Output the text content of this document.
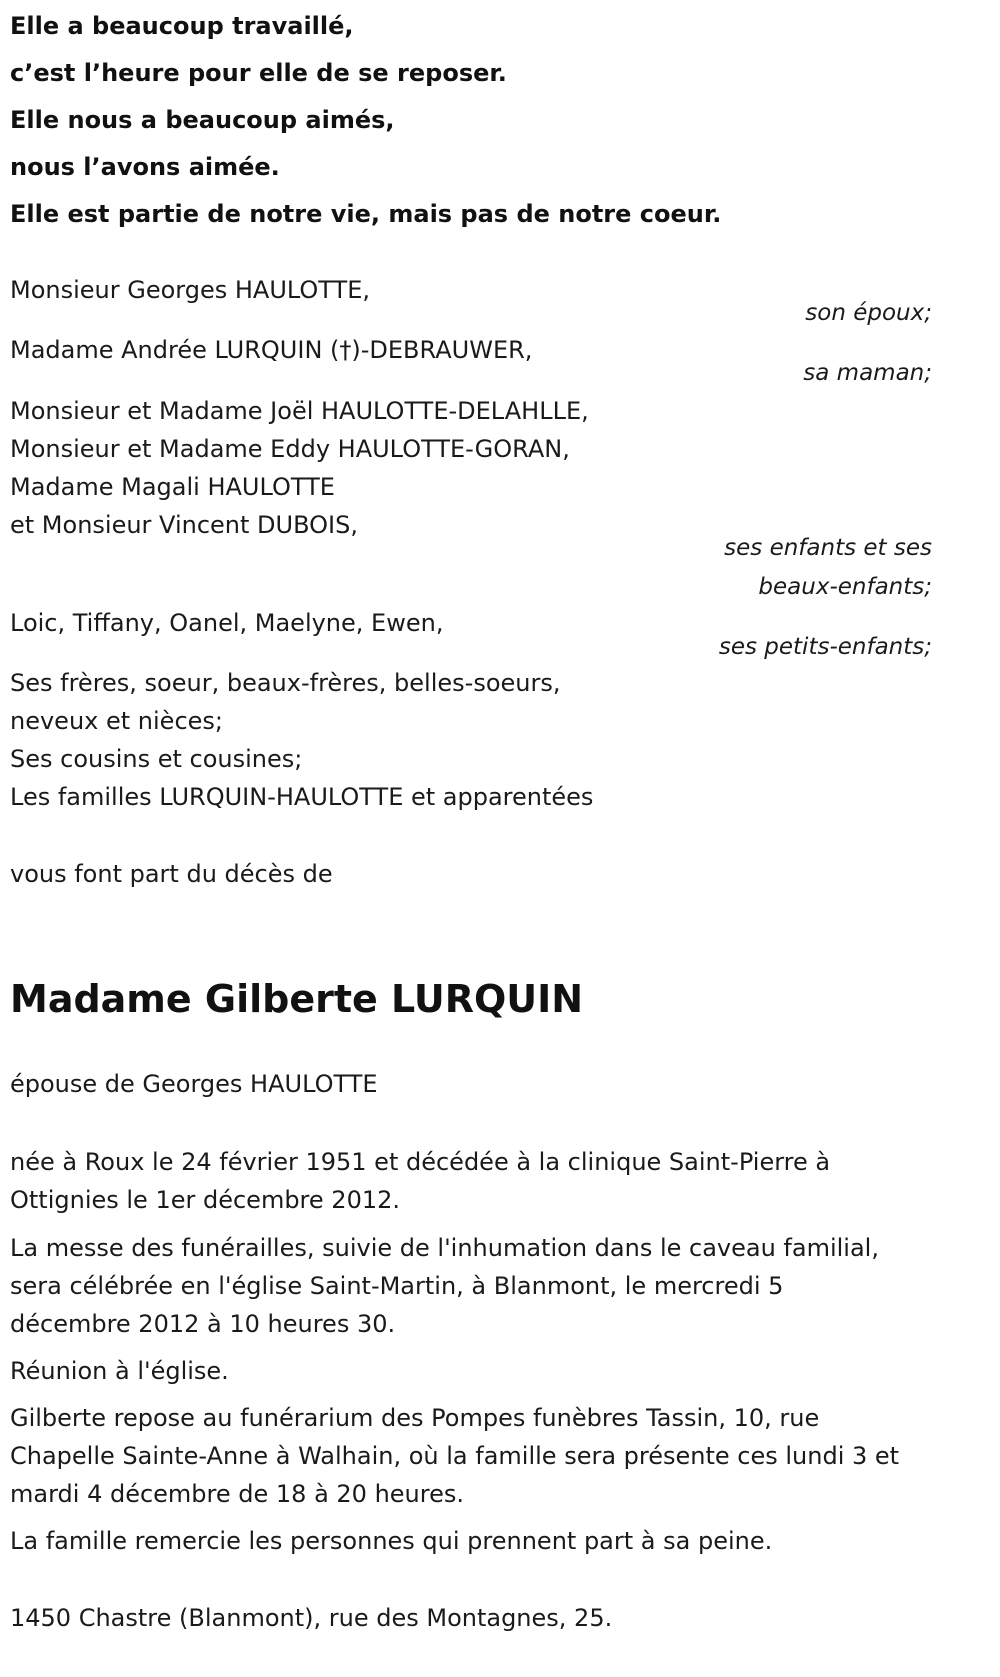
Elle a beaucoup travaillé,
c’est l’heure pour elle de se reposer.
Elle nous a beaucoup aimés,
nous l’avons aimée.
Elle est partie de notre vie, mais pas de notre coeur.
Monsieur Georges HAULOTTE,
son époux;
Madame Andrée LURQUIN (†)-DEBRAUWER,
sa maman;
Monsieur et Madame Joël HAULOTTE-DELAHLLE,
Monsieur et Madame Eddy HAULOTTE-GORAN,
Madame Magali HAULOTTE
et Monsieur Vincent DUBOIS,
ses enfants et ses
beaux-enfants;
Loic, Tiffany, Oanel, Maelyne, Ewen,
ses petits-enfants;
Ses frères, soeur, beaux-frères, belles-soeurs,
neveux et nièces;
Ses cousins et cousines;
Les familles LURQUIN-HAULOTTE et apparentées
vous font part du décès de
Madame Gilberte LURQUIN
épouse de Georges HAULOTTE
née à Roux le 24 février 1951 et décédée à la clinique Saint-Pierre à
Ottignies le 1er décembre 2012.
La messe des funérailles, suivie de l'inhumation dans le caveau familial,
sera célébrée en l'église Saint-Martin, à Blanmont, le mercredi 5
décembre 2012 à 10 heures 30.
Réunion à l'église.
Gilberte repose au funérarium des Pompes funèbres Tassin, 10, rue
Chapelle Sainte-Anne à Walhain, où la famille sera présente ces lundi 3 et
mardi 4 décembre de 18 à 20 heures.
La famille remercie les personnes qui prennent part à sa peine.
1450 Chastre (Blanmont), rue des Montagnes, 25.
